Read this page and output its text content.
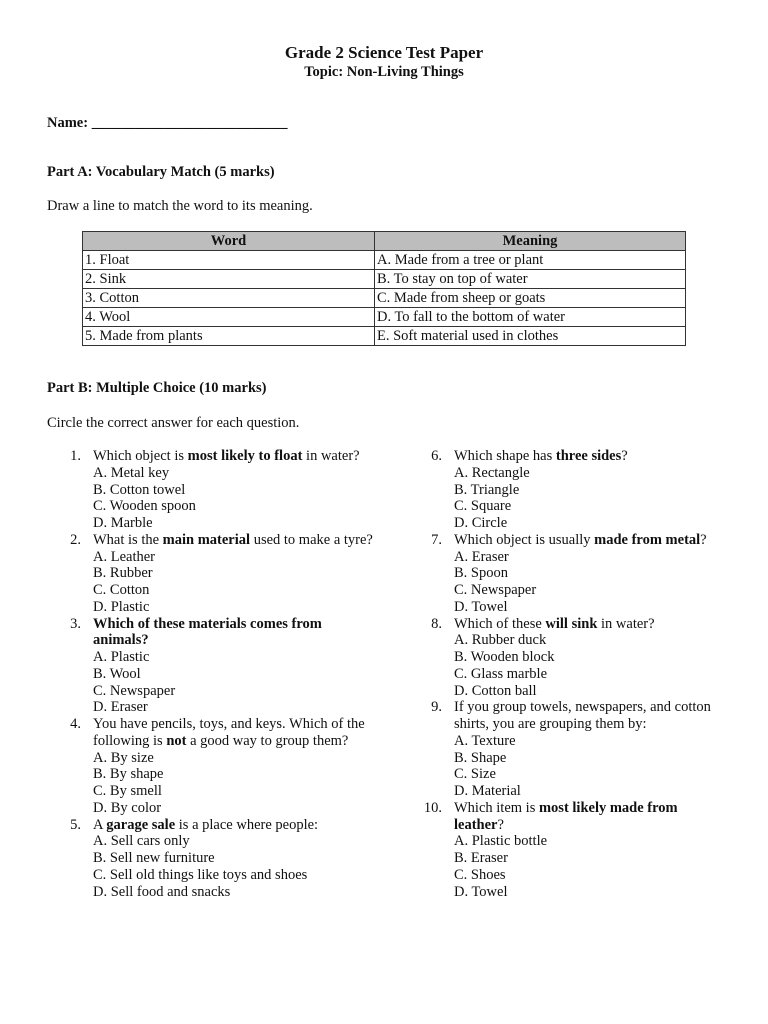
Grade 2 Science Test Paper
Topic: Non-Living Things
Name: ___________________________
Part A: Vocabulary Match (5 marks)
Draw a line to match the word to its meaning.
Word	Meaning
1. Float	A. Made from a tree or plant
2. Sink	B. To stay on top of water
3. Cotton	C. Made from sheep or goats
4. Wool	D. To fall to the bottom of water
5. Made from plants	E. Soft material used in clothes
Part B: Multiple Choice (10 marks)
Circle the correct answer for each question.
1. Which object is most likely to float in water?
A. Metal key
B. Cotton towel
C. Wooden spoon
D. Marble
2. What is the main material used to make a tyre?
A. Leather
B. Rubber
C. Cotton
D. Plastic
3. Which of these materials comes from animals?
A. Plastic
B. Wool
C. Newspaper
D. Eraser
4. You have pencils, toys, and keys. Which of the following is not a good way to group them?
A. By size
B. By shape
C. By smell
D. By color
5. A garage sale is a place where people:
A. Sell cars only
B. Sell new furniture
C. Sell old things like toys and shoes
D. Sell food and snacks
6. Which shape has three sides?
A. Rectangle
B. Triangle
C. Square
D. Circle
7. Which object is usually made from metal?
A. Eraser
B. Spoon
C. Newspaper
D. Towel
8. Which of these will sink in water?
A. Rubber duck
B. Wooden block
C. Glass marble
D. Cotton ball
9. If you group towels, newspapers, and cotton shirts, you are grouping them by:
A. Texture
B. Shape
C. Size
D. Material
10. Which item is most likely made from leather?
A. Plastic bottle
B. Eraser
C. Shoes
D. Towel
